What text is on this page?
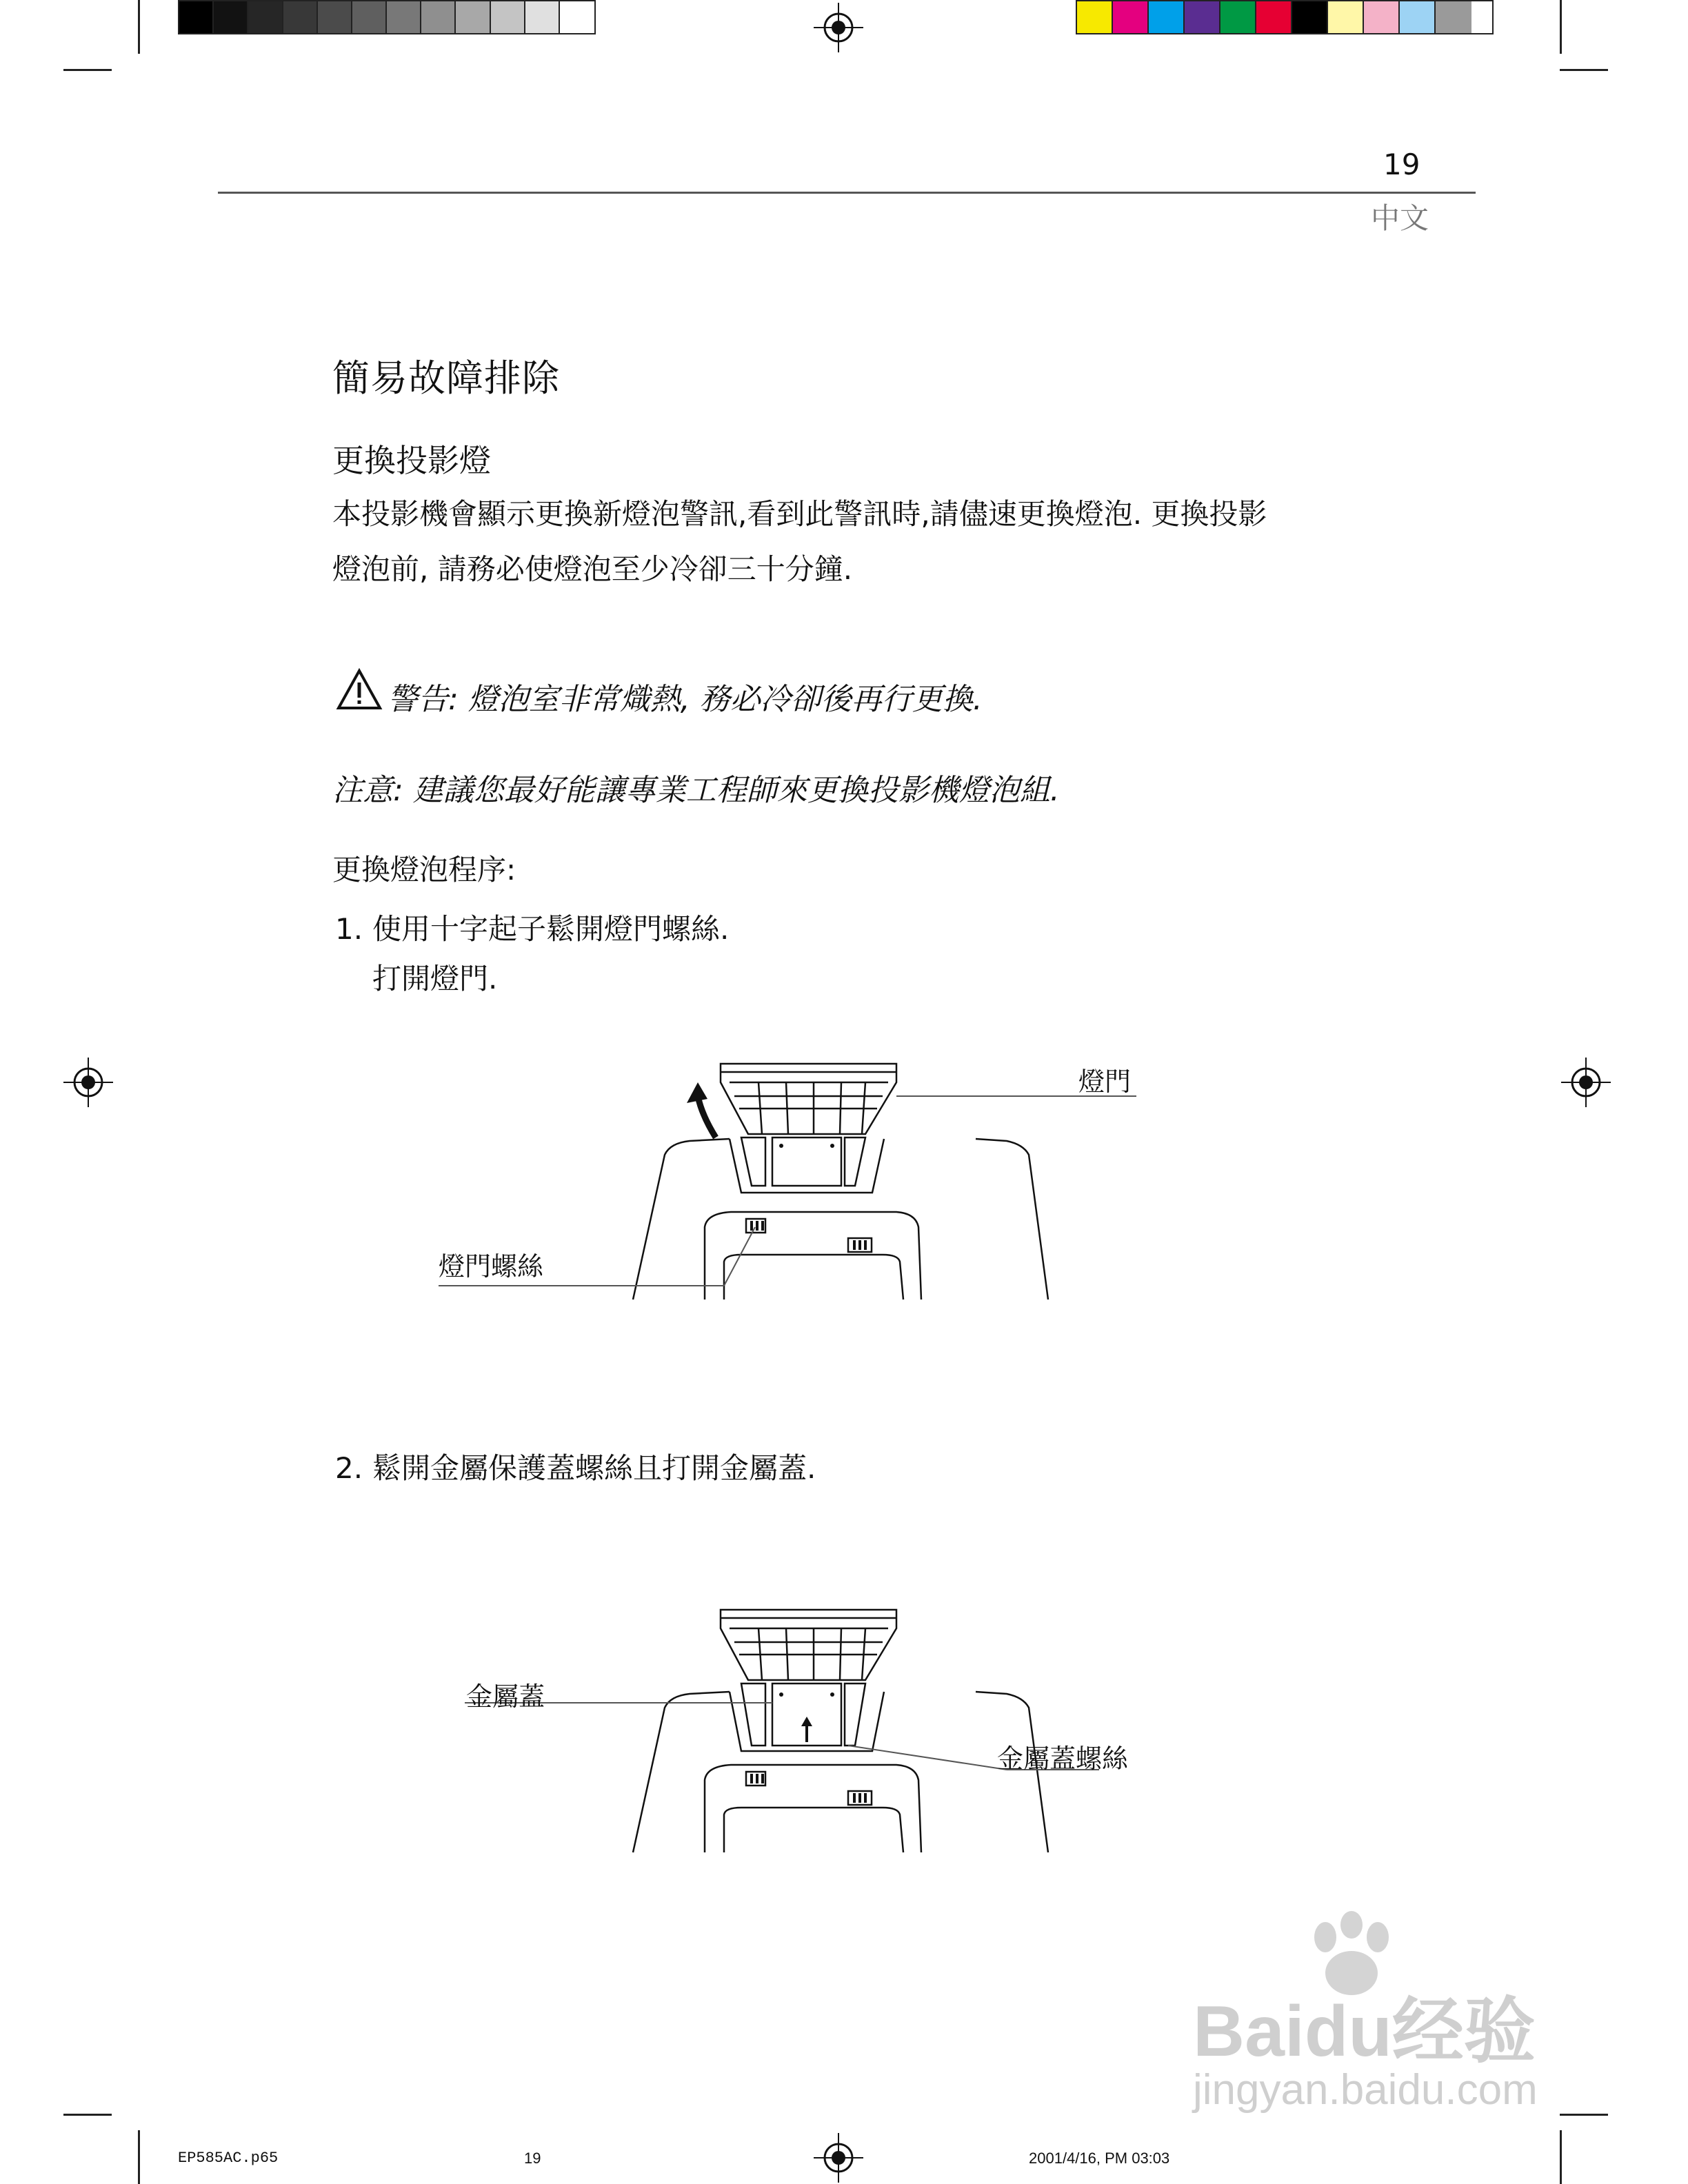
19
中文
簡易故障排除
更換投影燈
本投影機會顯示更換新燈泡警訊,看到此警訊時,請儘速更換燈泡. 更換投影
燈泡前, 請務必使燈泡至少冷卻三十分鐘.
警告: 燈泡室非常熾熱, 務必冷卻後再行更換.
注意: 建議您最好能讓專業工程師來更換投影機燈泡組.
更換燈泡程序:
1. 使用十字起子鬆開燈門螺絲.
打開燈門.
燈門
燈門螺絲
2. 鬆開金屬保護蓋螺絲且打開金屬蓋.
金屬蓋
金屬蓋螺絲
Baidu经验
jingyan.baidu.com
EP585AC.p65	19	2001/4/16, PM 03:03
